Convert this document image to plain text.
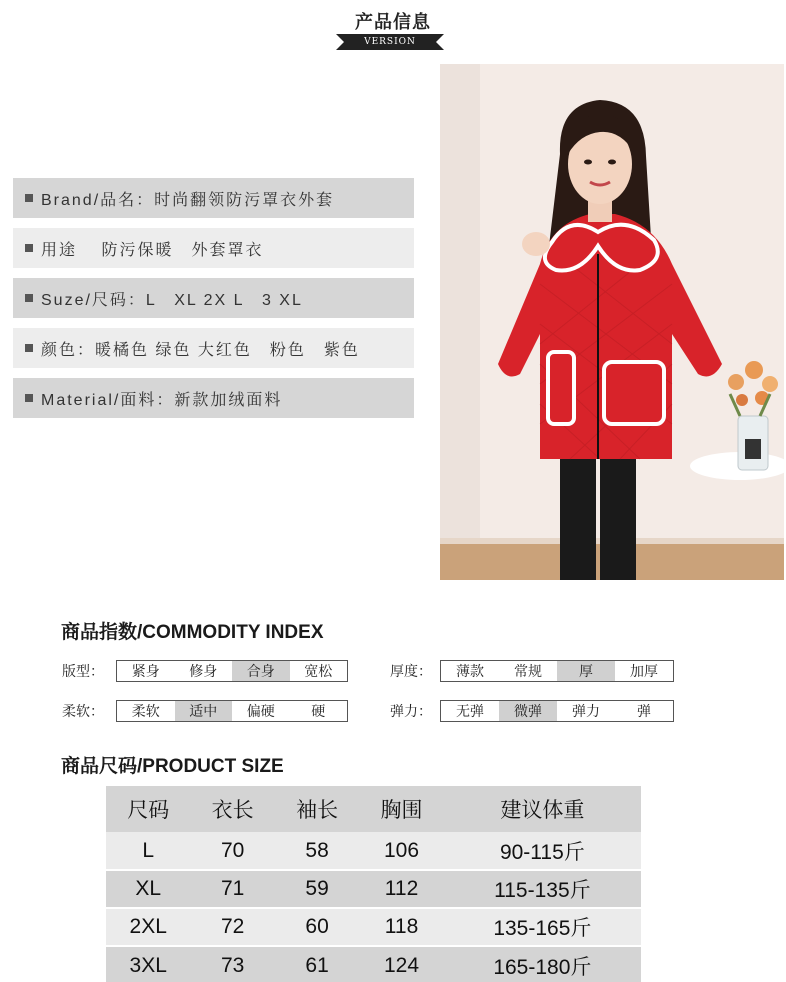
产品信息
VERSION
Brand/品名：时尚翻领防污罩衣外套
用途　 防污保暖　外套罩衣
Suze/尺码：L　XL 2X L　3 XL
颜色：暖橘色 绿色 大红色　粉色　紫色
Material/面料：新款加绒面料
商品指数/COMMODITY INDEX
版型：	紧身	修身	合身	宽松	厚度：	薄款	常规	厚	加厚
柔软：	柔软	适中	偏硬	硬	弹力：	无弹	微弹	弹力	弹
商品尺码/PRODUCT SIZE
尺码	衣长	袖长	胸围	建议体重
L	70	58	106	90-115斤
XL	71	59	112	115-135斤
2XL	72	60	118	135-165斤
3XL	73	61	124	165-180斤
